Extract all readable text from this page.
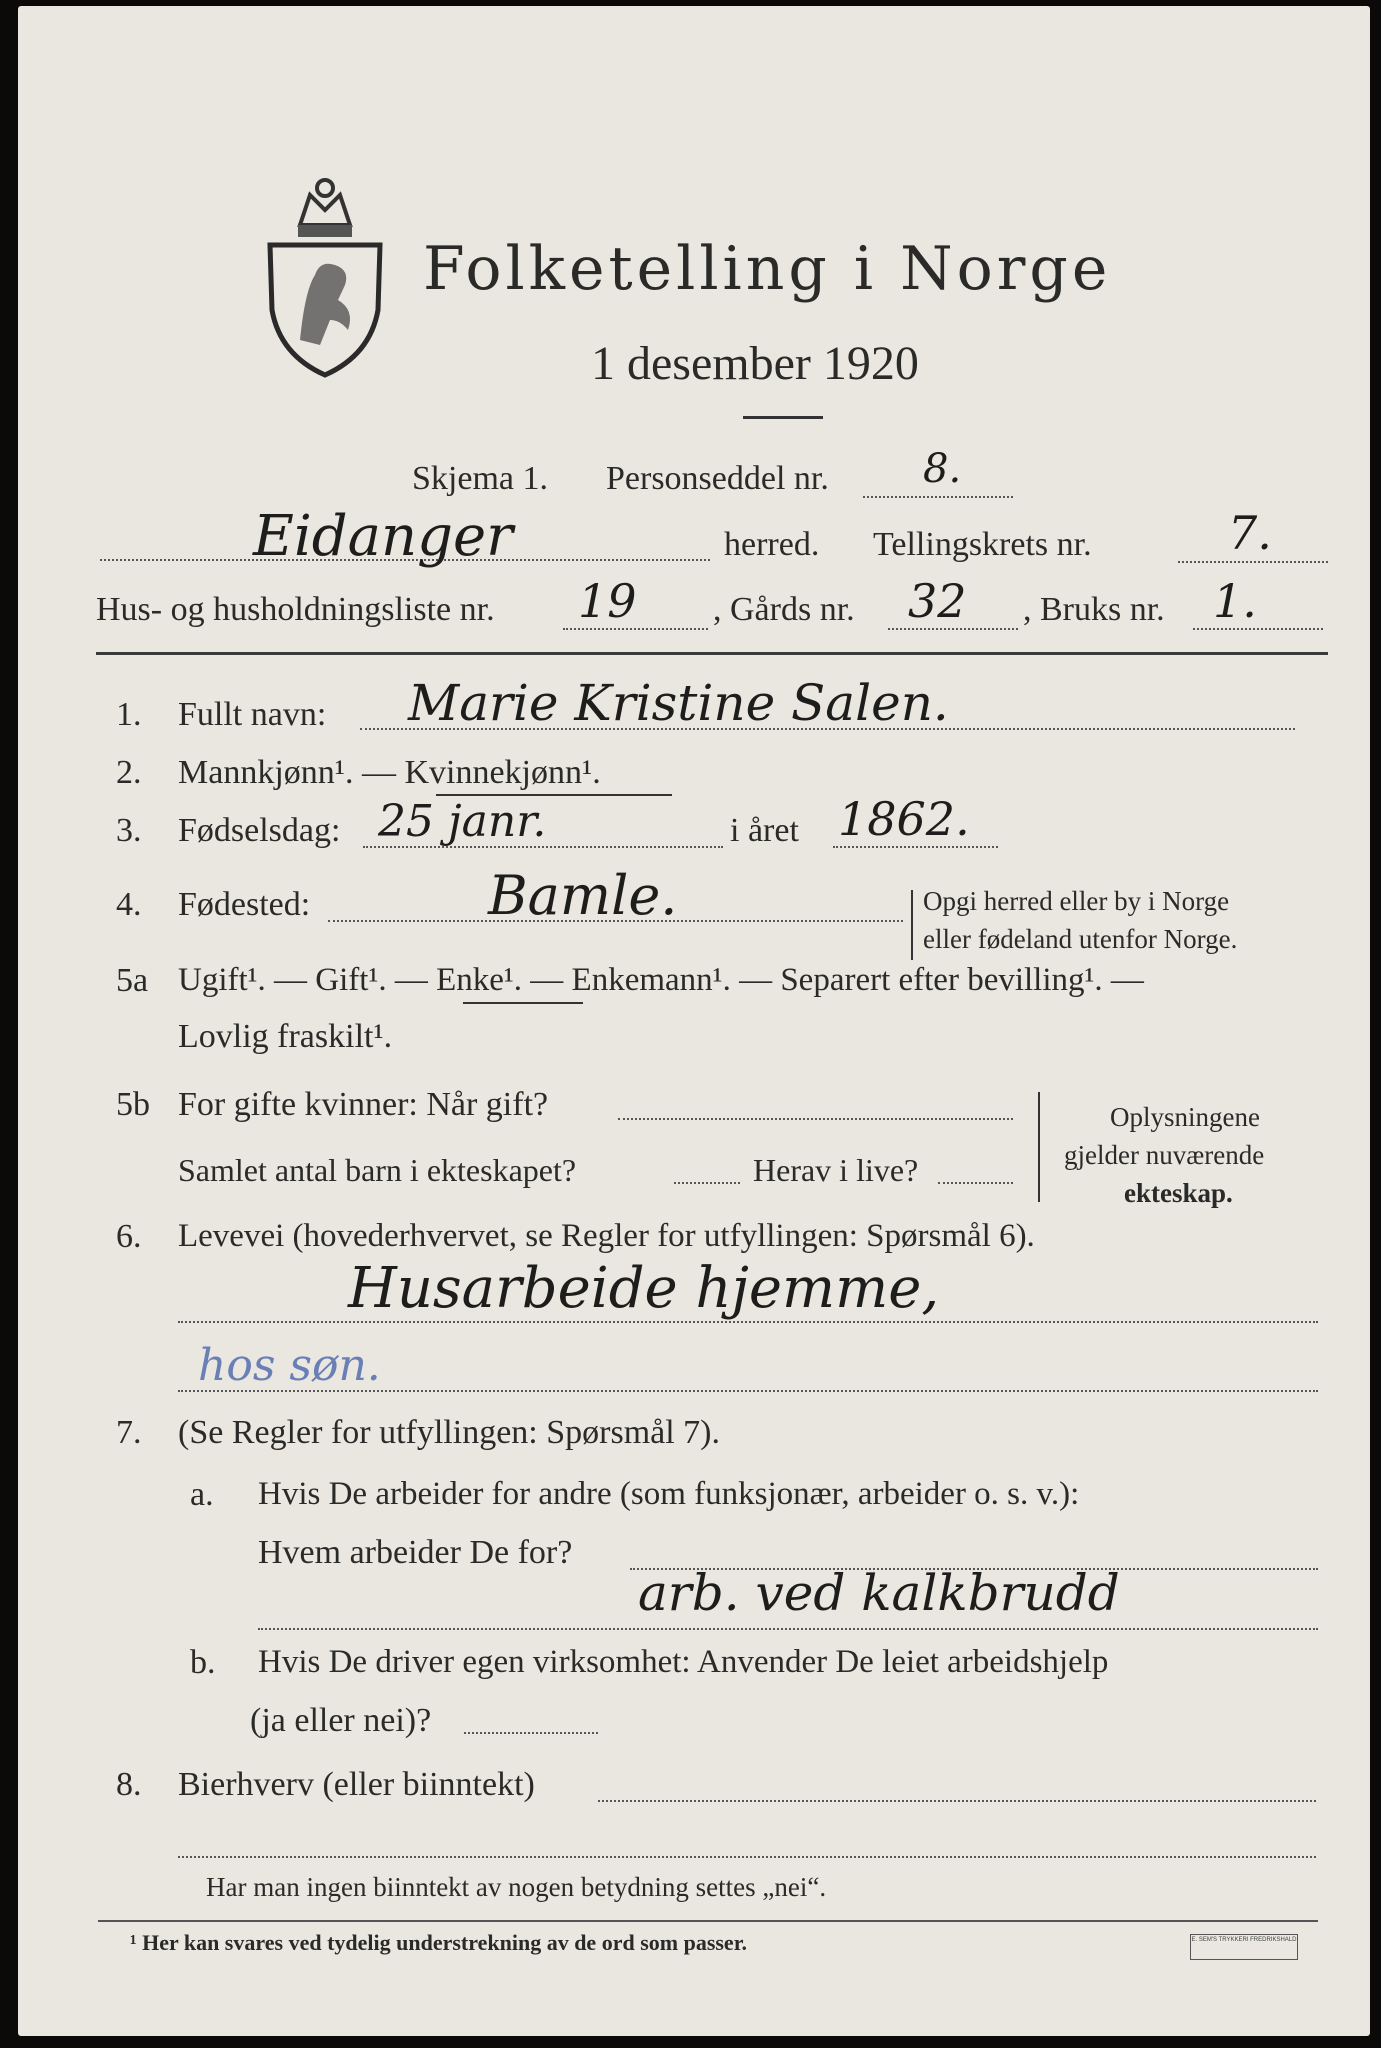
Folketelling i Norge
1 desember 1920
Skjema 1. Personseddel nr. 8.
Eidanger	herred. Tellingskrets nr.	7.
Hus- og husholdningsliste nr. 19 , Gårds nr. 32 , Bruks nr. 1.
1. Fullt navn: Marie Kristine Salen.
2. Mannkjønn¹. — Kvinnekjønn¹.
3. Fødselsdag: 25 janr.	i året 1862.
4. Fødested:	Bamle.	Opgi herred eller by i Norge
eller fødeland utenfor Norge.
5a Ugift¹. — Gift¹. — Enke¹. — Enkemann¹. — Separert efter bevilling¹. —
Lovlig fraskilt¹.
5b For gifte kvinner: Når gift?
Samlet antal barn i ekteskapet?	Herav i live?
Oplysningene
gjelder nuværende
ekteskap.
6. Levevei (hovederhvervet, se Regler for utfyllingen: Spørsmål 6).
Husarbeide hjemme,
hos søn.
7. (Se Regler for utfyllingen: Spørsmål 7).
a. Hvis De arbeider for andre (som funksjonær, arbeider o. s. v.):
Hvem arbeider De for?
arb. ved kalkbrudd
b. Hvis De driver egen virksomhet: Anvender De leiet arbeidshjelp
(ja eller nei)?
8. Bierhverv (eller biinntekt)
Har man ingen biinntekt av nogen betydning settes „nei“.
¹ Her kan svares ved tydelig understrekning av de ord som passer.	E. SEM'S TRYKKERI FREDRIKSHALD
